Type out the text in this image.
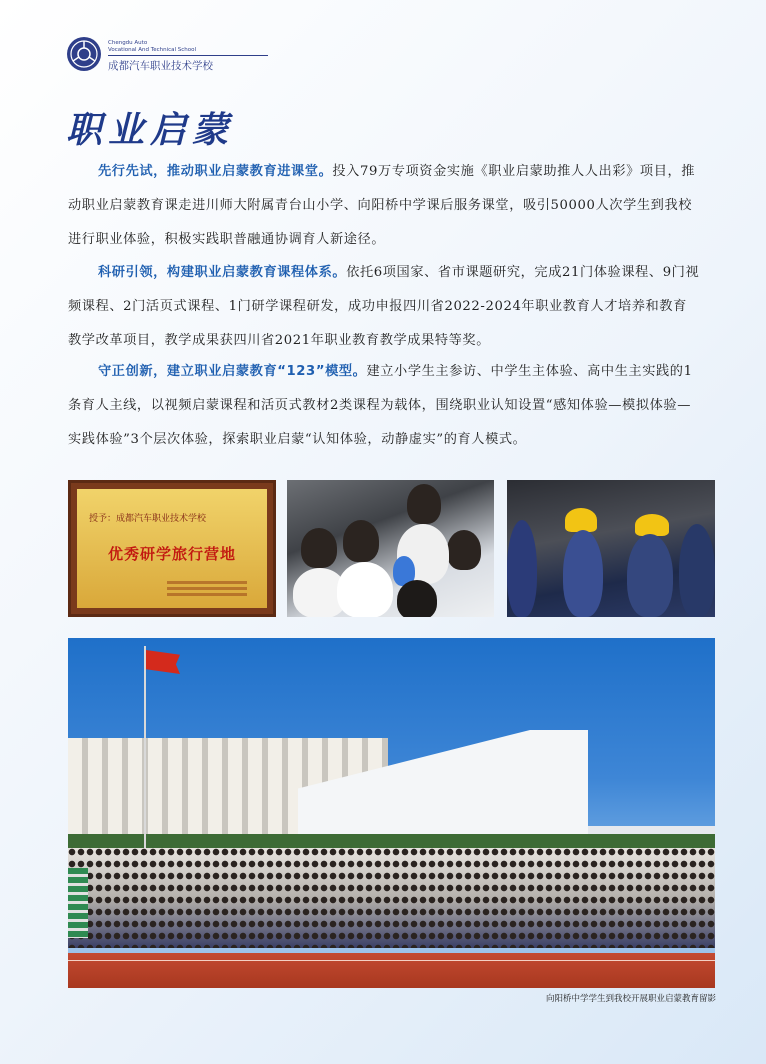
Chengdu Auto
Vocational And Technical School
成都汽车职业技术学校
职业启蒙

先行先试，推动职业启蒙教育进课堂。投入79万专项资金实施《职业启蒙助推人人出彩》项目，推动职业启蒙教育课走进川师大附属青台山小学、向阳桥中学课后服务课堂，吸引50000人次学生到我校进行职业体验，积极实践职普融通协调育人新途径。

科研引领，构建职业启蒙教育课程体系。依托6项国家、省市课题研究，完成21门体验课程、9门视频课程、2门活页式课程、1门研学课程研发，成功申报四川省2022-2024年职业教育人才培养和教育教学改革项目，教学成果获四川省2021年职业教育教学成果特等奖。

守正创新，建立职业启蒙教育“123”模型。建立小学生主参访、中学生主体验、高中生主实践的1条育人主线，以视频启蒙课程和活页式教材2类课程为载体，围绕职业认知设置“感知体验—模拟体验—实践体验”3个层次体验，探索职业启蒙“认知体验，动静虚实”的育人模式。

授予：成都汽车职业技术学校
优秀研学旅行营地
向阳桥中学学生到我校开展职业启蒙教育留影
